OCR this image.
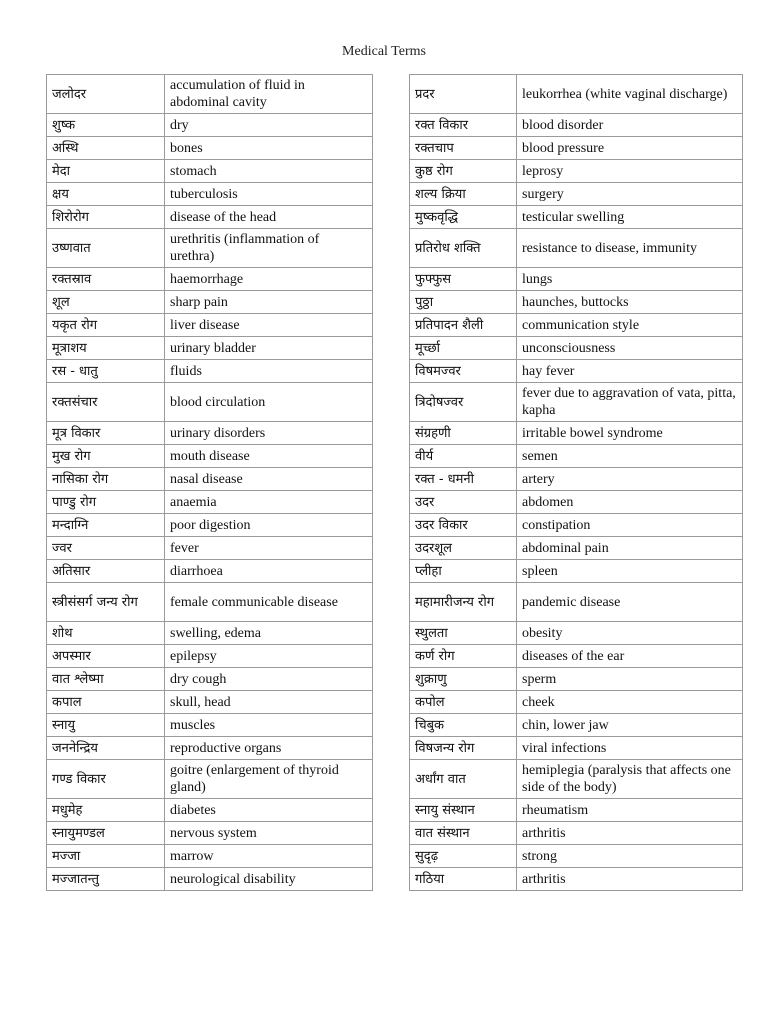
Medical Terms
जलोदर	accumulation of fluid in abdominal cavity
शुष्क	dry
अस्थि	bones
मेदा	stomach
क्षय	tuberculosis
शिरोरोग	disease of the head
उष्णवात	urethritis (inflammation of urethra)
रक्तस्राव	haemorrhage
शूल	sharp pain
यकृत रोग	liver disease
मूत्राशय	urinary bladder
रस - धातु	fluids
रक्तसंचार	blood circulation
मूत्र विकार	urinary disorders
मुख रोग	mouth disease
नासिका रोग	nasal disease
पाण्डु रोग	anaemia
मन्दाग्नि	poor digestion
ज्वर	fever
अतिसार	diarrhoea
स्त्रीसंसर्ग जन्य रोग	female communicable disease
शोथ	swelling, edema
अपस्मार	epilepsy
वात श्लेष्मा	dry cough
कपाल	skull, head
स्नायु	muscles
जननेन्द्रिय	reproductive organs
गण्ड विकार	goitre (enlargement of thyroid gland)
मधुमेह	diabetes
स्नायुमण्डल	nervous system
मज्जा	marrow
मज्जातन्तु	neurological disability
प्रदर	leukorrhea (white vaginal discharge)
रक्त विकार	blood disorder
रक्तचाप	blood pressure
कुष्ठ रोग	leprosy
शल्य क्रिया	surgery
मुष्कवृद्धि	testicular swelling
प्रतिरोध शक्ति	resistance to disease, immunity
फुफ्फुस	lungs
पुठ्ठा	haunches, buttocks
प्रतिपादन शैली	communication style
मूर्च्छा	unconsciousness
विषमज्वर	hay fever
त्रिदोषज्वर	fever due to aggravation of vata, pitta, kapha
संग्रहणी	irritable bowel syndrome
वीर्य	semen
रक्त - धमनी	artery
उदर	abdomen
उदर विकार	constipation
उदरशूल	abdominal pain
प्लीहा	spleen
महामारीजन्य रोग	pandemic disease
स्थुलता	obesity
कर्ण रोग	diseases of the ear
शुक्राणु	sperm
कपोल	cheek
चिबुक	chin, lower jaw
विषजन्य रोग	viral infections
अर्धांग वात	hemiplegia (paralysis that affects one side of the body)
स्नायु संस्थान	rheumatism
वात संस्थान	arthritis
सुदृढ़	strong
गठिया	arthritis
